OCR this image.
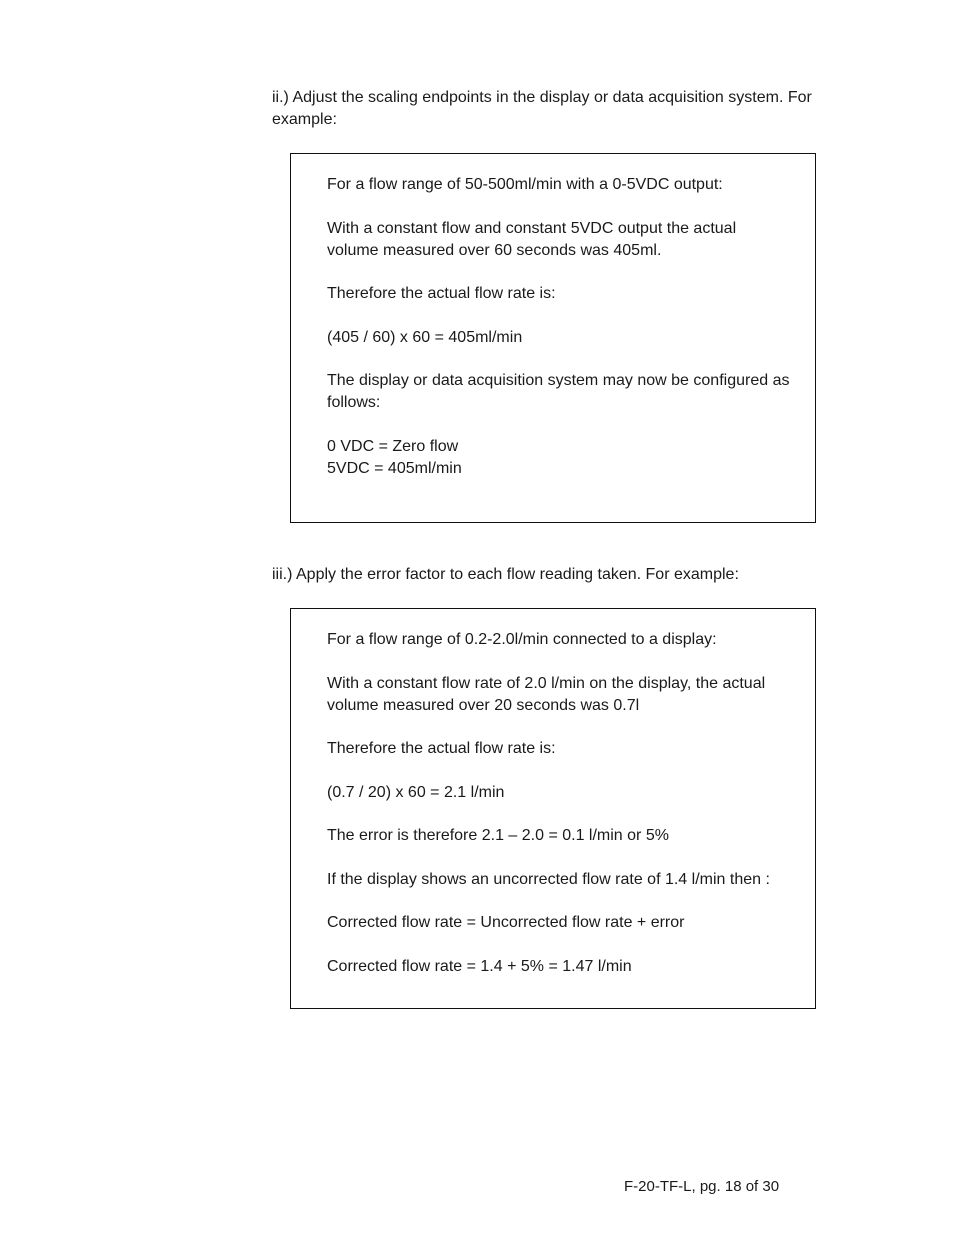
ii.) Adjust the scaling endpoints in the display or data acquisition system. For example:

For a flow range of 50-500ml/min with a 0-5VDC output:

With a constant flow and constant 5VDC output the actual volume measured over 60 seconds was 405ml.

Therefore the actual flow rate is:

(405 / 60) x 60 = 405ml/min

The display or data acquisition system may now be configured as follows:

0 VDC = Zero flow

5VDC = 405ml/min

iii.) Apply the error factor to each flow reading taken. For example:

For a flow range of 0.2-2.0l/min connected to a display:

With a constant flow rate of 2.0 l/min on the display, the actual volume measured over 20 seconds was 0.7l

Therefore the actual flow rate is:

(0.7 / 20) x 60 = 2.1 l/min

The error is therefore 2.1 – 2.0 = 0.1 l/min or 5%

If the display shows an uncorrected flow rate of 1.4 l/min then :

Corrected flow rate = Uncorrected flow rate + error

Corrected flow rate = 1.4 + 5% = 1.47 l/min

F-20-TF-L, pg. 18 of 30
